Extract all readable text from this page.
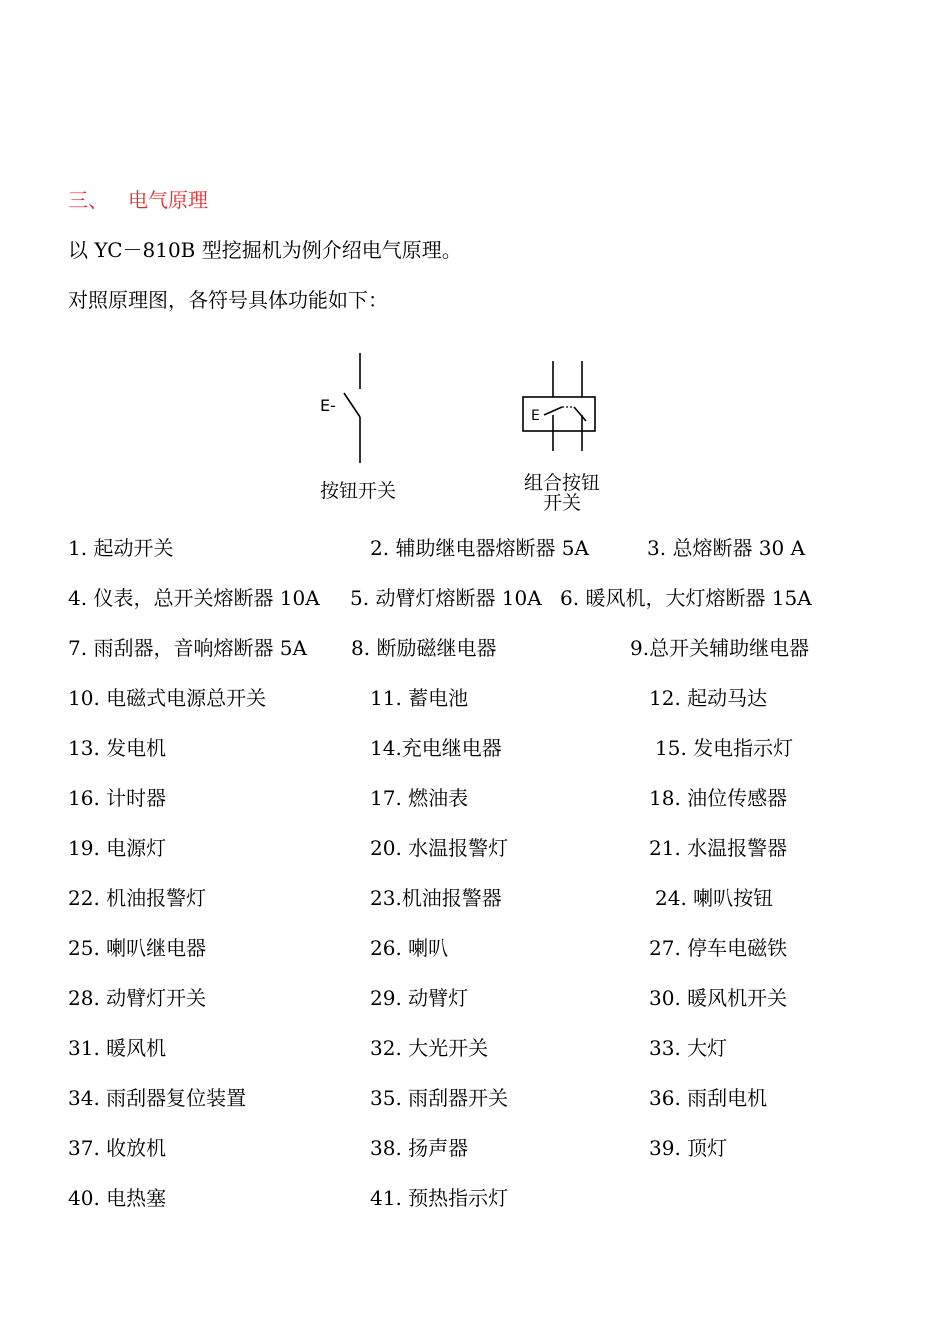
三、 电气原理
以 YC－810B 型挖掘机为例介绍电气原理。
对照原理图，各符号具体功能如下：
E-
E
按钮开关	组合按钮
开关
1. 起动开关	2. 辅助继电器熔断器 5A	3. 总熔断器 30 A
4. 仪表，总开关熔断器 10A 5. 动臂灯熔断器 10A 6. 暖风机，大灯熔断器 15A
7. 雨刮器，音响熔断器 5A 8. 断励磁继电器	9.总开关辅助继电器
10. 电磁式电源总开关	11. 蓄电池	12. 起动马达
13. 发电机	14.充电继电器	15. 发电指示灯
16. 计时器	17. 燃油表	18. 油位传感器
19. 电源灯	20. 水温报警灯	21. 水温报警器
22. 机油报警灯	23.机油报警器	24. 喇叭按钮
25. 喇叭继电器	26. 喇叭	27. 停车电磁铁
28. 动臂灯开关	29. 动臂灯	30. 暖风机开关
31. 暖风机	32. 大光开关	33. 大灯
34. 雨刮器复位装置	35. 雨刮器开关	36. 雨刮电机
37. 收放机	38. 扬声器	39. 顶灯
40. 电热塞	41. 预热指示灯
